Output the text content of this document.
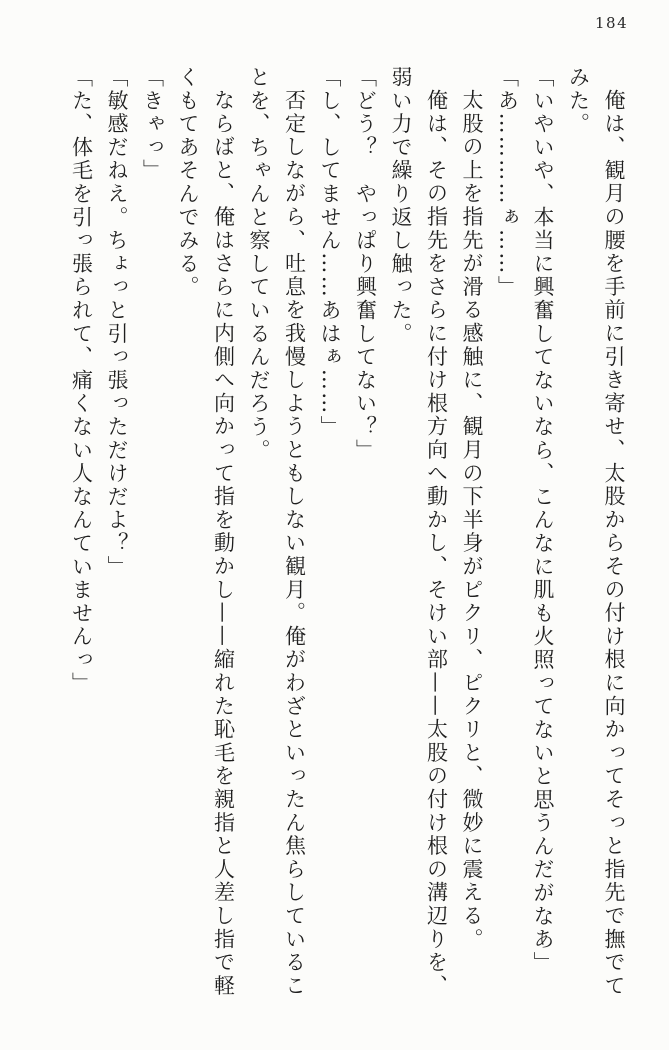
184
俺は、観月の腰を手前に引き寄せ、太股からその付け根に向かってそっと指先で撫でて
みた。
「いやいや、本当に興奮してないなら、こんなに肌も火照ってないと思うんだがなあ」
「あ…………ぁ……」
太股の上を指先が滑る感触に、観月の下半身がピクリ、ピクリと、微妙に震える。
俺は、その指先をさらに付け根方向へ動かし、そけい部——太股の付け根の溝辺りを、
弱い力で繰り返し触った。
「どう？　やっぱり興奮してない？」
「し、してません……あはぁ……」
否定しながら、吐息を我慢しようともしない観月。俺がわざといったん焦らしているこ
とを、ちゃんと察しているんだろう。
ならばと、俺はさらに内側へ向かって指を動かし——縮れた恥毛を親指と人差し指で軽
くもてあそんでみる。
「きゃっ」
「敏感だねえ。ちょっと引っ張っただけだよ？」
「た、体毛を引っ張られて、痛くない人なんていませんっ」
